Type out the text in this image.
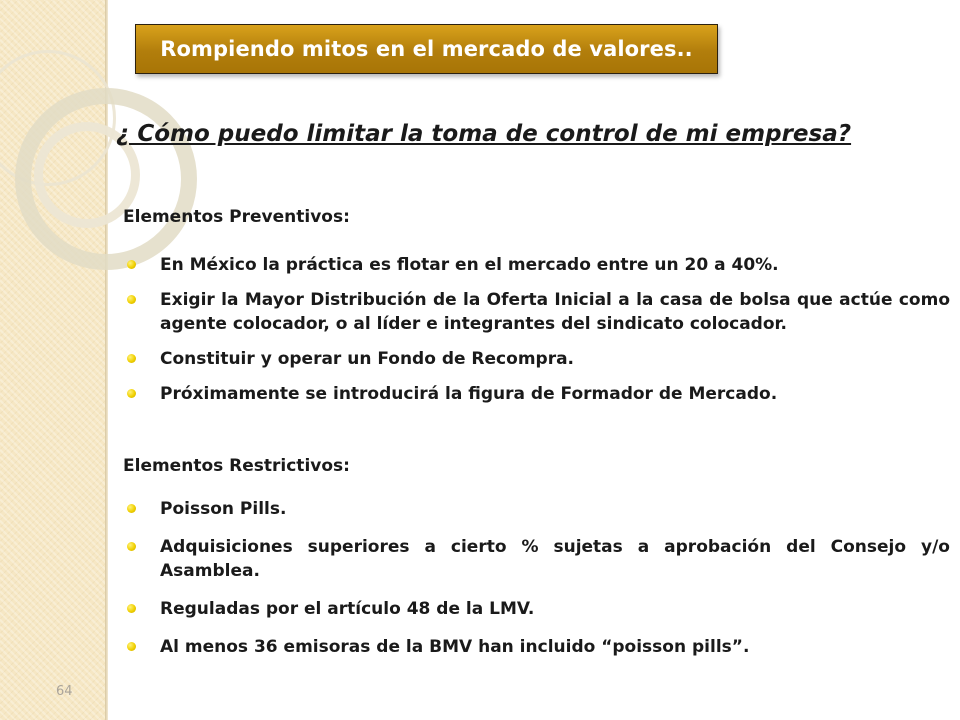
Rompiendo mitos en el mercado de valores..
¿ Cómo puedo limitar la toma de control de mi empresa?
Elementos Preventivos:
En México la práctica es flotar en el mercado entre un 20 a 40%.
Exigir la Mayor Distribución de la Oferta Inicial a la casa de bolsa que actúe como agente colocador, o al líder e integrantes del sindicato colocador.
Constituir y operar un Fondo de Recompra.
Próximamente se introducirá la figura de Formador de Mercado.
Elementos Restrictivos:
Poisson Pills.
Adquisiciones superiores a cierto % sujetas a aprobación del Consejo y/o Asamblea.
Reguladas por el artículo 48 de la LMV.
Al menos 36 emisoras de la BMV han incluido “poisson pills”.
64
